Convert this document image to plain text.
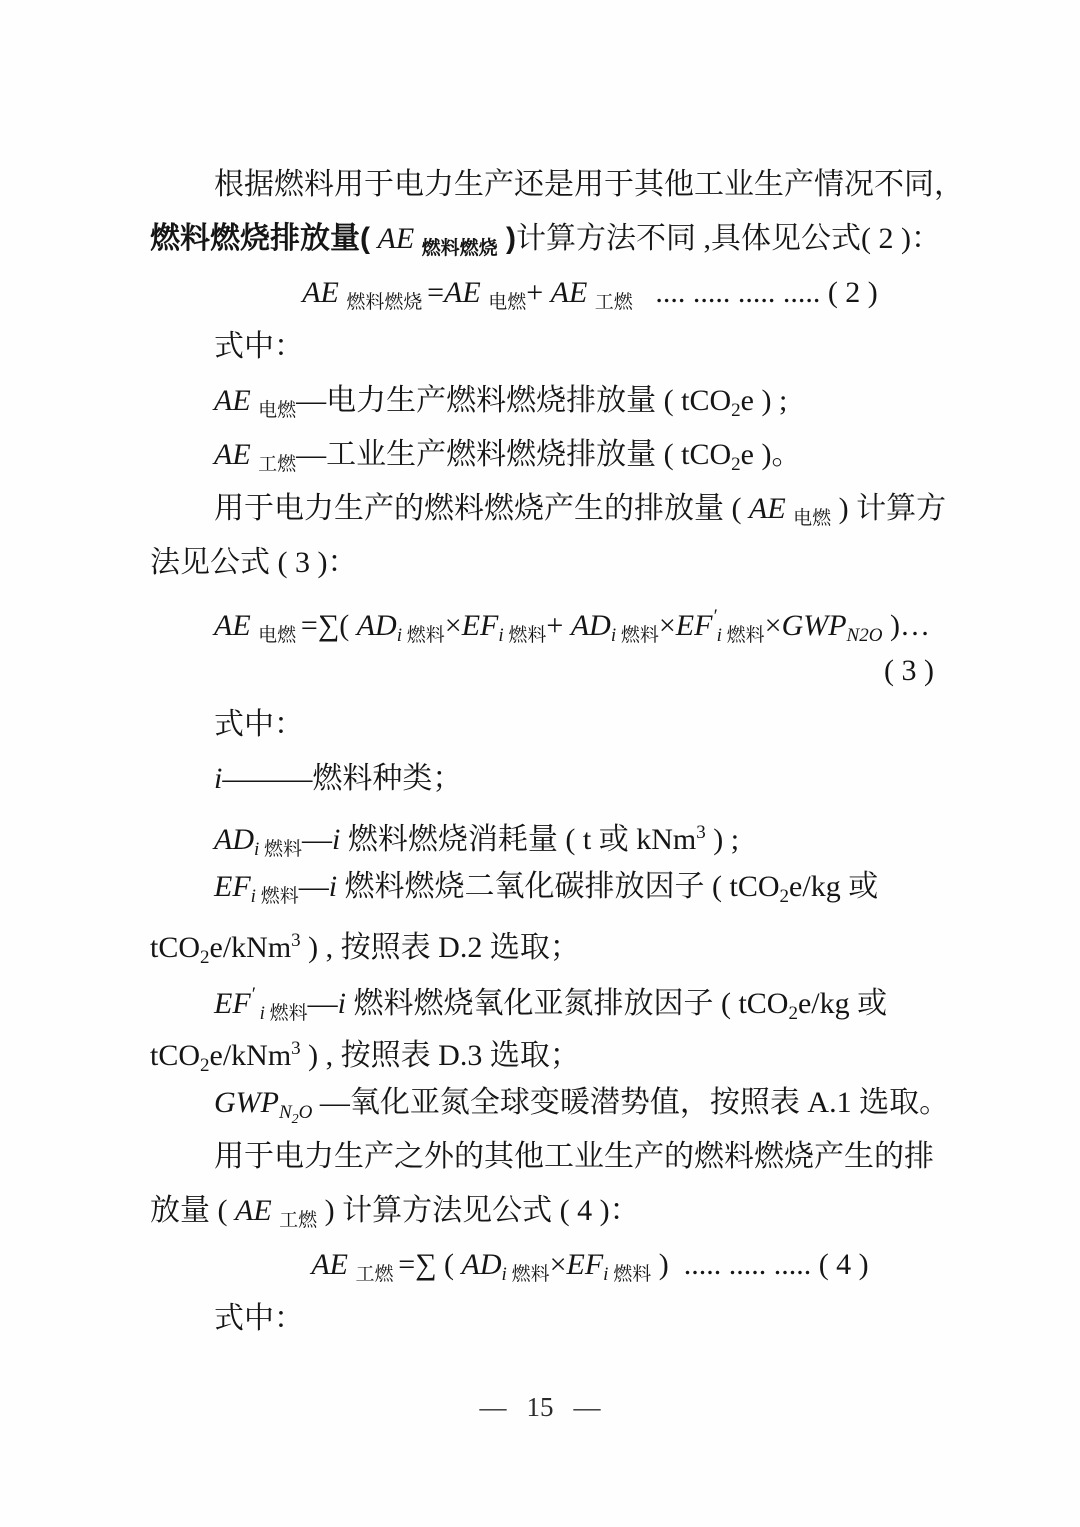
根据燃料用于电力生产还是用于其他工业生产情况不同，
燃料燃烧排放量( AE $_{燃料燃烧}$ )计算方法不同 ,具体见公式( 2 )：
AE $_{燃料燃烧}$ =AE $_{电燃}$+ AE $_{工燃}$   .... ..... ..... ..... ( 2 )
式中：
AE $_{电燃}$—电力生产燃料燃烧排放量 ( tCO$_2$e ) ;
AE $_{工燃}$—工业生产燃料燃烧排放量 ( tCO$_2$e )。
用于电力生产的燃料燃烧产生的排放量 ( AE $_{电燃}$ ) 计算方
法见公式 ( 3 )：
AE $_{电燃}$ =∑( $AD_i$ $_{燃料}\times EF_i$ $_{燃料}+ AD_i$ $_{燃料}\times EF'_i$ $_{燃料}\times GWP_{N2O}$ )…
( 3 )
式中：
i———燃料种类；
$AD_i$ $_{燃料}$—i 燃料燃烧消耗量 ( t 或 kNm$^3$ ) ;
$EF_i$ $_{燃料}$—i 燃料燃烧二氧化碳排放因子 ( tCO$_2$e/kg 或
tCO$_2$e/kNm$^3$ ) , 按照表 D.2 选取；
EF′ $_i$ $_{燃料}$—i 燃料燃烧氧化亚氮排放因子 ( tCO$_2$e/kg 或
tCO$_2$e/kNm$^3$ ) , 按照表 D.3 选取；
$GWP_{N2O}$ —氧化亚氮全球变暖潜势值，按照表 A.1 选取。
用于电力生产之外的其他工业生产的燃料燃烧产生的排
放量 ( AE $_{工燃}$ ) 计算方法见公式 ( 4 )：
AE $_{工燃}$ =∑ ( $AD_i$ $_{燃料}\times EF_i$ $_{燃料}$ )  ..... ..... ..... ( 4 )
式中：
— 15 —
